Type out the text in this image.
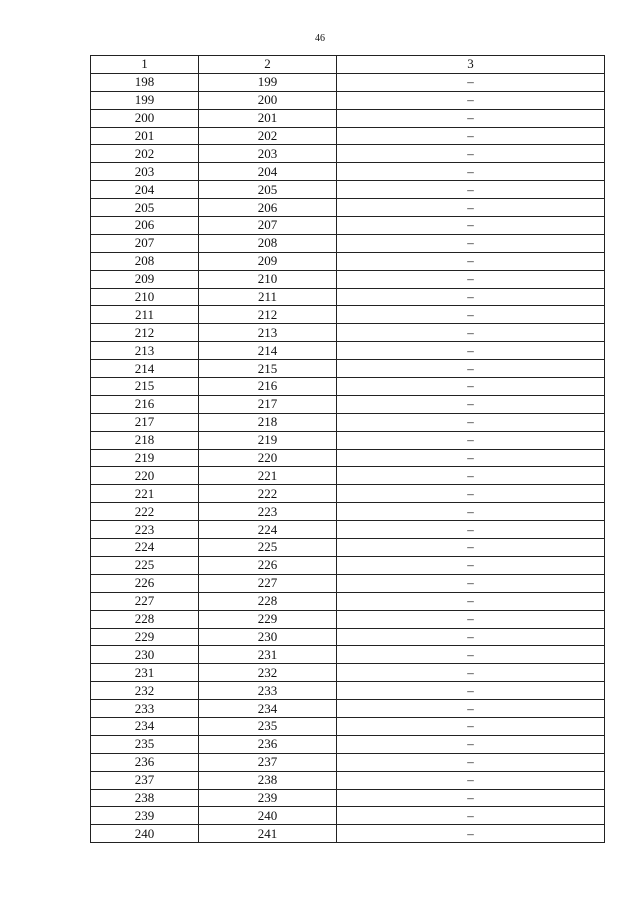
46
1	2	3
198	199	–
199	200	–
200	201	–
201	202	–
202	203	–
203	204	–
204	205	–
205	206	–
206	207	–
207	208	–
208	209	–
209	210	–
210	211	–
211	212	–
212	213	–
213	214	–
214	215	–
215	216	–
216	217	–
217	218	–
218	219	–
219	220	–
220	221	–
221	222	–
222	223	–
223	224	–
224	225	–
225	226	–
226	227	–
227	228	–
228	229	–
229	230	–
230	231	–
231	232	–
232	233	–
233	234	–
234	235	–
235	236	–
236	237	–
237	238	–
238	239	–
239	240	–
240	241	–
